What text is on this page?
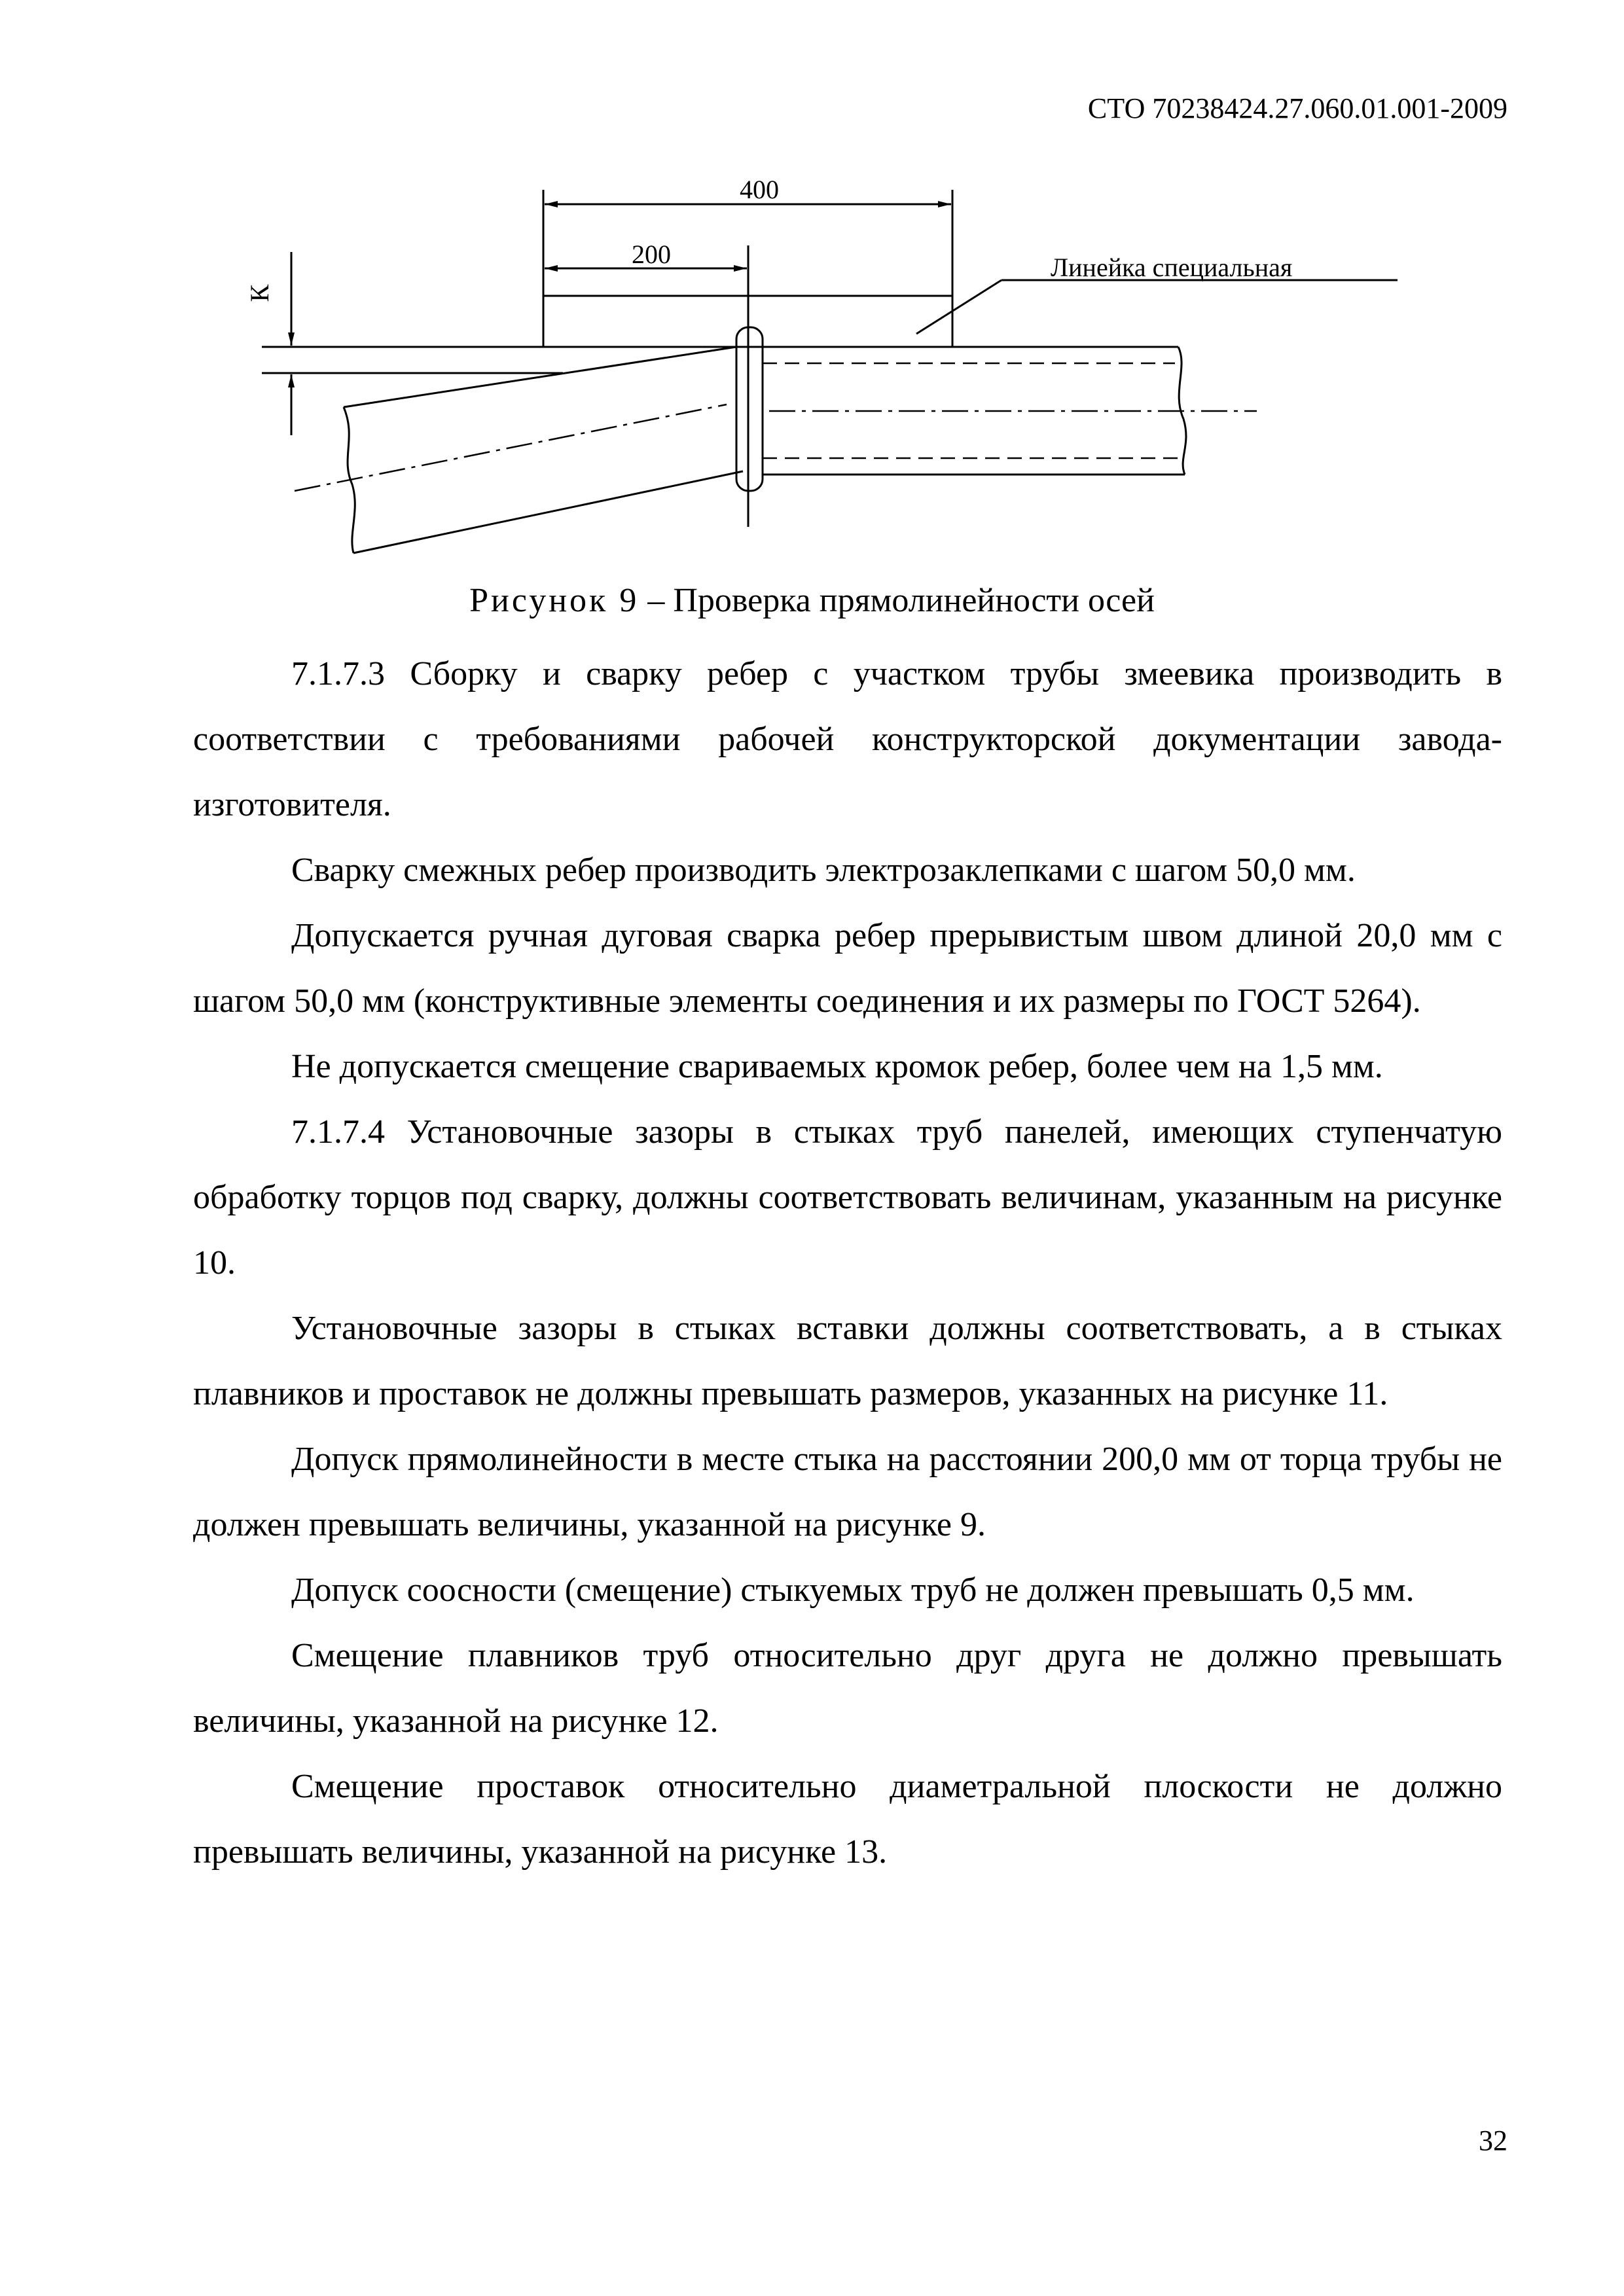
СТО 70238424.27.060.01.001-2009
400
200	Линейка специальная
К
Рисунок 9 – Проверка прямолинейности осей

7.1.7.3 Сборку и сварку ребер с участком трубы змеевика производить в соответствии с требованиями рабочей конструкторской документации завода-изготовителя.

Сварку смежных ребер производить электрозаклепками с шагом 50,0 мм.

Допускается ручная дуговая сварка ребер прерывистым швом длиной 20,0 мм с шагом 50,0 мм (конструктивные элементы соединения и их размеры по ГОСТ 5264).

Не допускается смещение свариваемых кромок ребер, более чем на 1,5 мм.

7.1.7.4 Установочные зазоры в стыках труб панелей, имеющих ступенчатую обработку торцов под сварку, должны соответствовать величинам, указанным на рисунке 10.

Установочные зазоры в стыках вставки должны соответствовать, а в стыках плавников и проставок не должны превышать размеров, указанных на рисунке 11.

Допуск прямолинейности в месте стыка на расстоянии 200,0 мм от торца трубы не должен превышать величины, указанной на рисунке 9.

Допуск соосности (смещение) стыкуемых труб не должен превышать 0,5 мм.

Смещение плавников труб относительно друг друга не должно превышать величины, указанной на рисунке 12.

Смещение проставок относительно диаметральной плоскости не должно превышать величины, указанной на рисунке 13.

32
